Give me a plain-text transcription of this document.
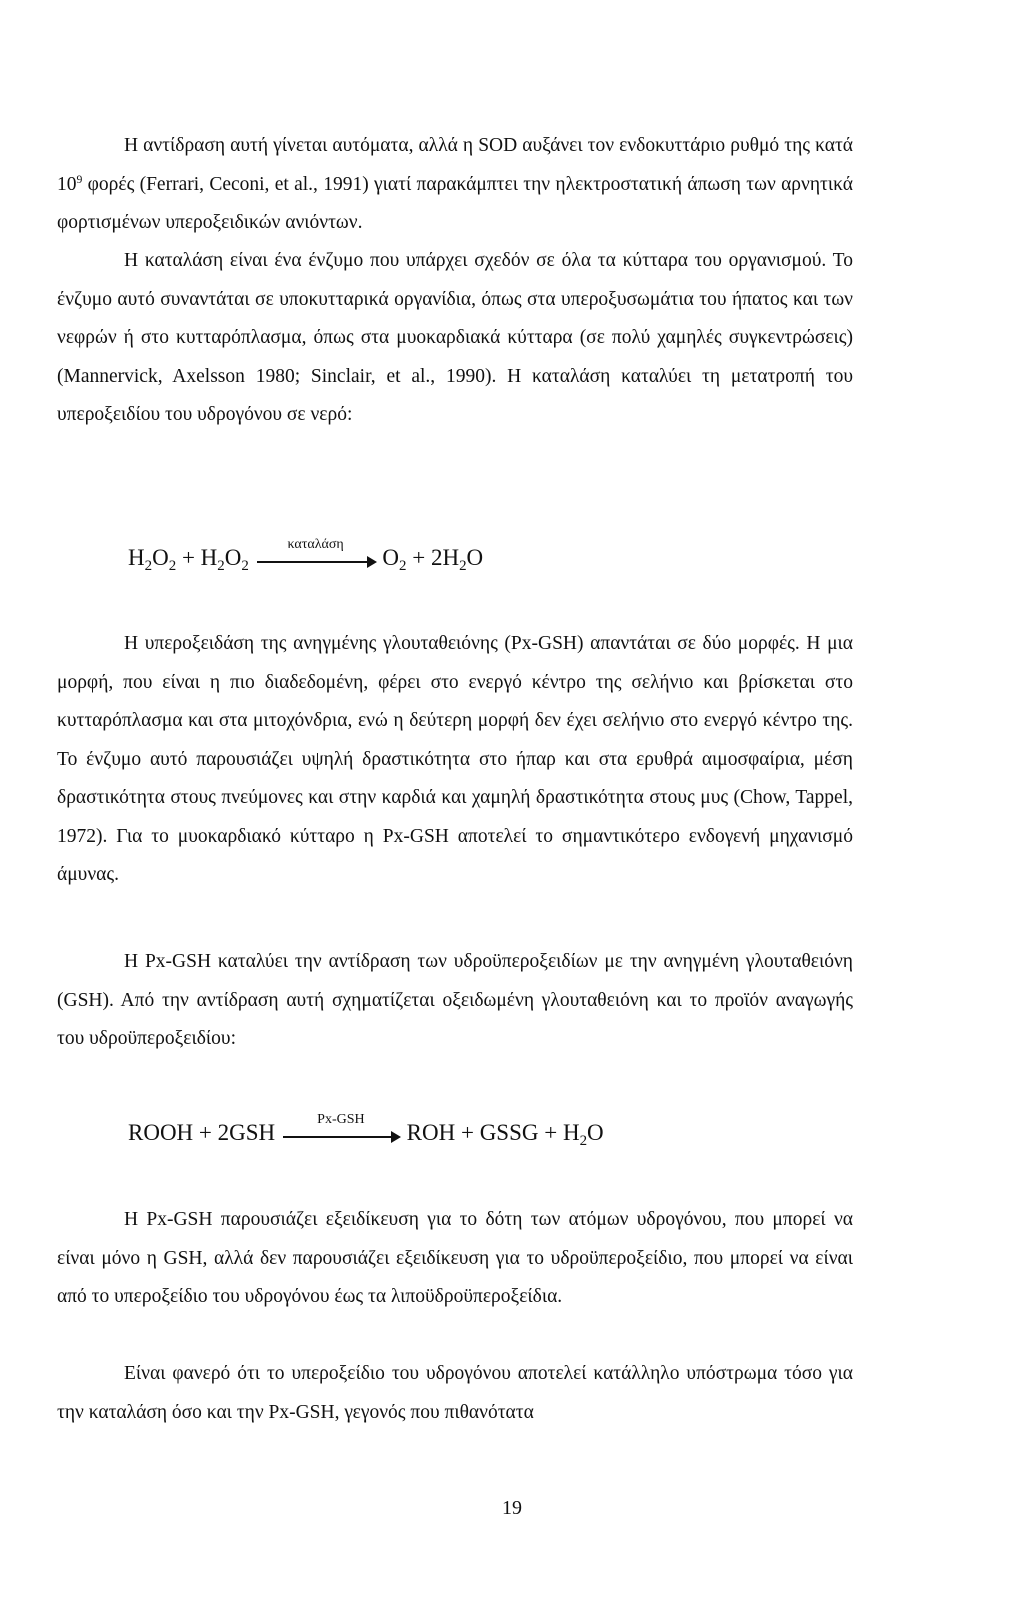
Η αντίδραση αυτή γίνεται αυτόματα, αλλά η SOD αυξάνει τον ενδοκυττάριο ρυθμό της κατά $10^9$ φορές (Ferrari, Ceconi, et al., 1991) γιατί παρακάμπτει την ηλεκτροστατική άπωση των αρνητικά φορτισμένων υπεροξειδικών ανιόντων.

Η καταλάση είναι ένα ένζυμο που υπάρχει σχεδόν σε όλα τα κύτταρα του οργανισμού. Το ένζυμο αυτό συναντάται σε υποκυτταρικά οργανίδια, όπως στα υπεροξυσωμάτια του ήπατος και των νεφρών ή στο κυτταρόπλασμα, όπως στα μυοκαρδιακά κύτταρα (σε πολύ χαμηλές συγκεντρώσεις) (Mannervick, Axelsson 1980; Sinclair, et al., 1990). Η καταλάση καταλύει τη μετατροπή του υπεροξειδίου του υδρογόνου σε νερό:

$H_2O_2 + H_2O_2$
καταλάση
$O_2 + 2H_2O$

Η υπεροξειδάση της ανηγμένης γλουταθειόνης (Px-GSH) απαντάται σε δύο μορφές. Η μια μορφή, που είναι η πιο διαδεδομένη, φέρει στο ενεργό κέντρο της σελήνιο και βρίσκεται στο κυτταρόπλασμα και στα μιτοχόνδρια, ενώ η δεύτερη μορφή δεν έχει σελήνιο στο ενεργό κέντρο της. Το ένζυμο αυτό παρουσιάζει υψηλή δραστικότητα στο ήπαρ και στα ερυθρά αιμοσφαίρια, μέση δραστικότητα στους πνεύμονες και στην καρδιά και χαμηλή δραστικότητα στους μυς (Chow, Tappel, 1972). Για το μυοκαρδιακό κύτταρο η Px-GSH αποτελεί το σημαντικότερο ενδογενή μηχανισμό άμυνας.

Η Px-GSH καταλύει την αντίδραση των υδροϋπεροξειδίων με την ανηγμένη γλουταθειόνη (GSH). Από την αντίδραση αυτή σχηματίζεται οξειδωμένη γλουταθειόνη και το προϊόν αναγωγής του υδροϋπεροξειδίου:

ROOH + 2GSH
Px-GSH
ROH + GSSG + $H_2O$

Η Px-GSH παρουσιάζει εξειδίκευση για το δότη των ατόμων υδρογόνου, που μπορεί να είναι μόνο η GSH, αλλά δεν παρουσιάζει εξειδίκευση για το υδροϋπεροξείδιο, που μπορεί να είναι από το υπεροξείδιο του υδρογόνου έως τα λιποϋδροϋπεροξείδια.

Είναι φανερό ότι το υπεροξείδιο του υδρογόνου αποτελεί κατάλληλο υπόστρωμα τόσο για την καταλάση όσο και την Px-GSH, γεγονός που πιθανότατα

19
